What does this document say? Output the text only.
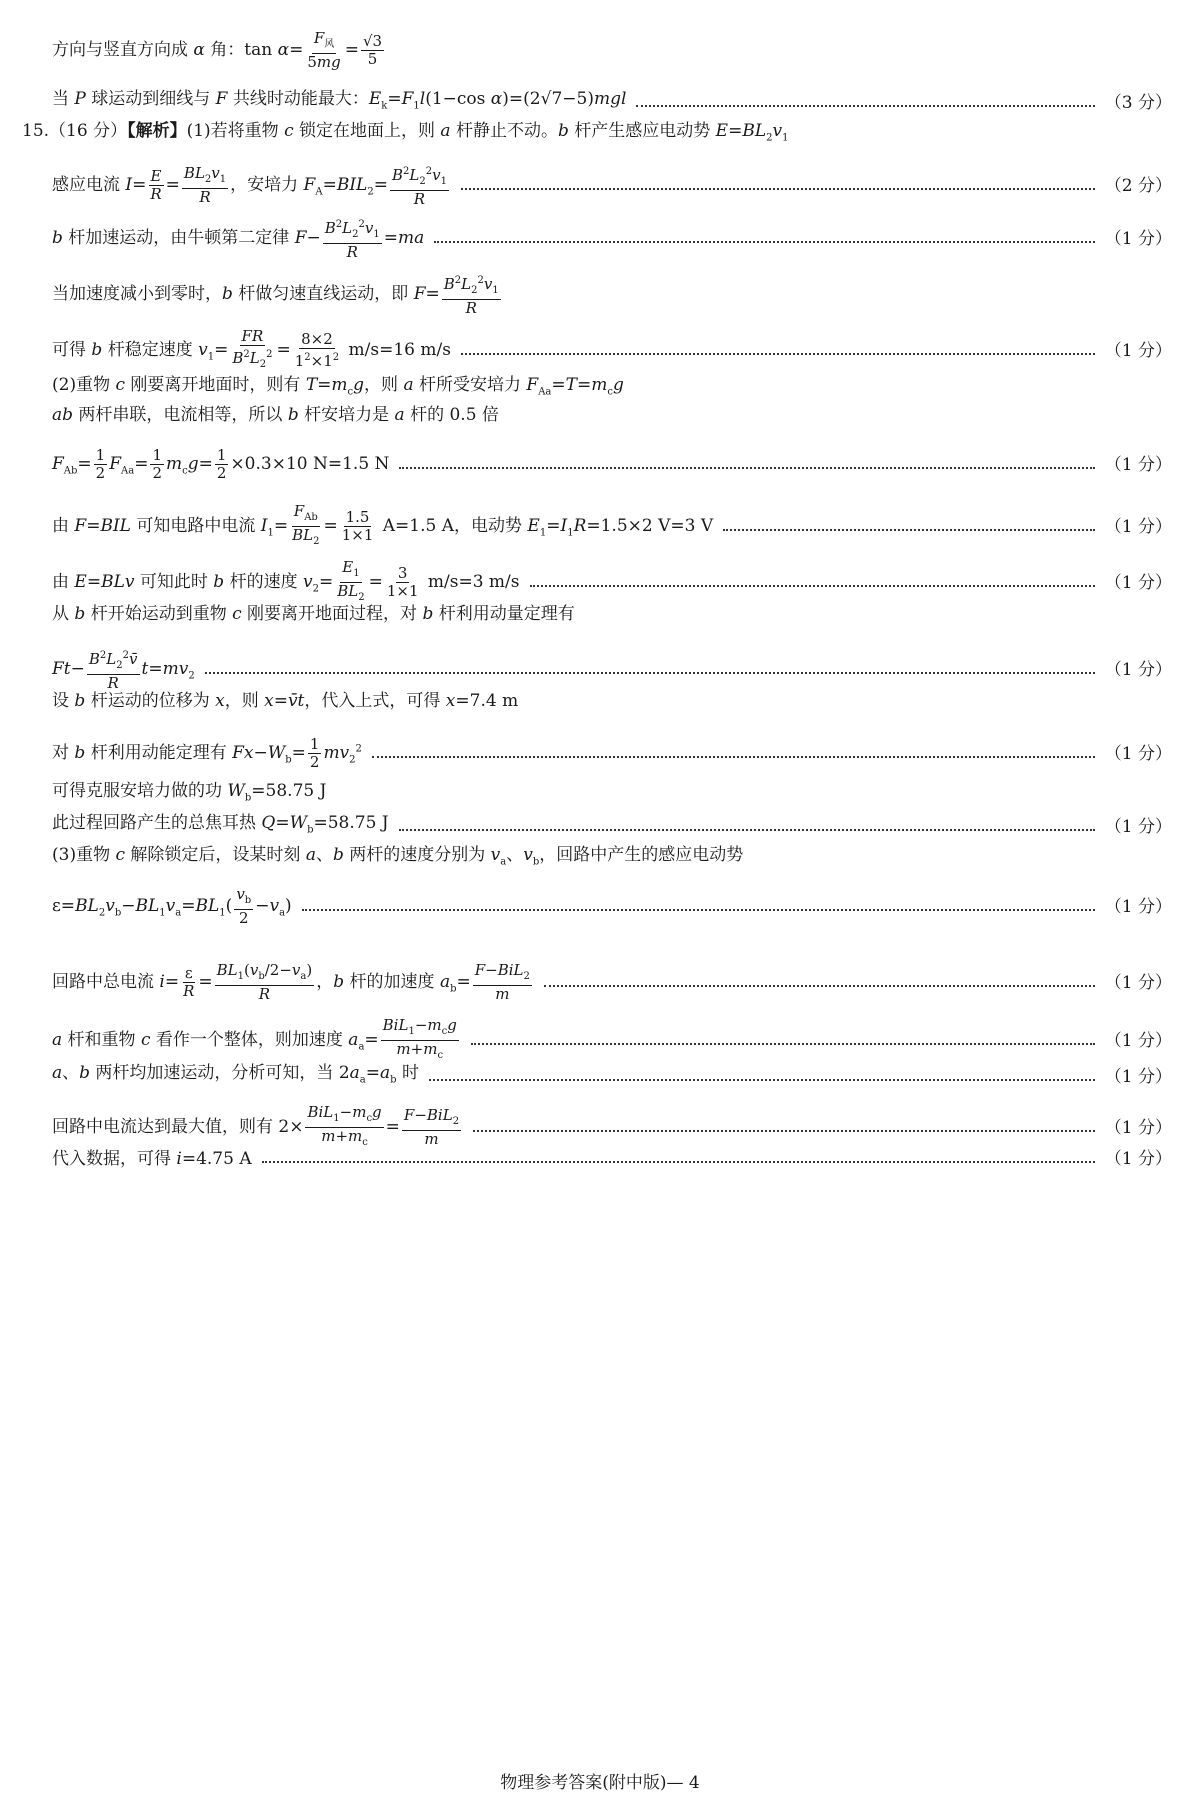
方向与竖直方向成 α 角：$\tan \alpha= \frac{F_风}{5mg} = \frac{√3}{5}$
当 P 球运动到细线与 F 共线时动能最大：$E_k=F_1l(1-\cos$ α)=(2√7−5)mgl	（3 分）
15.（16 分）【解析】(1)若将重物 c 锁定在地面上，则 a 杆静止不动。b 杆产生感应电动势 $E=BL_2v_1$
感应电流 $I= \frac{E}{R} = \frac{BL_2v_1}{R}$ ，安培力 $F_A=BIL_2= \frac{B^2L_2^2v_1}{R}$	（2 分）
b 杆加速运动，由牛顿第二定律 $F- \frac{B^2L_2^2v_1}{R} =ma$	（1 分）
当加速度减小到零时，b 杆做匀速直线运动，即 $F= \frac{B^2L_2^2v_1}{R}$
可得 b 杆稳定速度 $v_1= \frac{FR}{B^2L_2^2} = \frac{8\times 2}{1^2\times 1^2} m/s=16$ m/s	（1 分）
(2)重物 c 刚要离开地面时，则有 $T=m_cg$，则 a 杆所受安培力 $F_{Aa}=T=m_cg$
ab 两杆串联，电流相等，所以 b 杆安培力是 a 杆的 0.5 倍
$F_{Ab}= \frac{1}{2} F_{Aa}= \frac{1}{2} m_cg= \frac{1}{2} \times 0.3\times 10$ N=1.5 N	（1 分）
由 F=BIL 可知电路中电流 $I_1= \frac{F_{Ab}}{BL_2} = \frac{1.5}{1\times 1} A=1.5$ A，电动势 $E_1=I_1R=1.5\times 2$ V=3 V	（1 分）
由 E=BLv 可知此时 b 杆的速度 $v_2= \frac{E_1}{BL_2} = \frac{3}{1\times 1} m/s=3$ m/s	（1 分）
从 b 杆开始运动到重物 c 刚要离开地面过程，对 b 杆利用动量定理有
$Ft- \frac{B^2L_2^2v̄}{R} t=mv_2$	（1 分）
设 b 杆运动的位移为 x，则 x=v̄t，代入上式，可得 x=7.4 m
对 b 杆利用动能定理有 $Fx-W_b= \frac{1}{2} mv_2^2$	（1 分）
可得克服安培力做的功 $W_b=58.75$ J
此过程回路产生的总焦耳热 $Q=W_b=58.75$ J	（1 分）
(3)重物 c 解除锁定后，设某时刻 a、b 两杆的速度分别为 $v_a$、$v_b$，回路中产生的感应电动势
$\varepsilon=BL_2v_b-BL_1v_a=BL_1( \frac{v_b}{2} -v_a)$	（1 分）
回路中总电流 $i= \frac{\varepsilon}{R} = \frac{BL_1(v_b/2-v_a)}{R}$ ，b 杆的加速度 $a_b= \frac{F-BiL_2}{m}$	（1 分）
a 杆和重物 c 看作一个整体，则加速度 $a_a= \frac{BiL_1-m_cg}{m+m_c}$	（1 分）
a、b 两杆均加速运动，分析可知，当 $2a_a=a_b$ 时	（1 分）
回路中电流达到最大值，则有 $2\times \frac{BiL_1-m_cg}{m+m_c} = \frac{F-BiL_2}{m}$	（1 分）
代入数据，可得 i=4.75 A	（1 分）
物理参考答案(附中版)— 4
